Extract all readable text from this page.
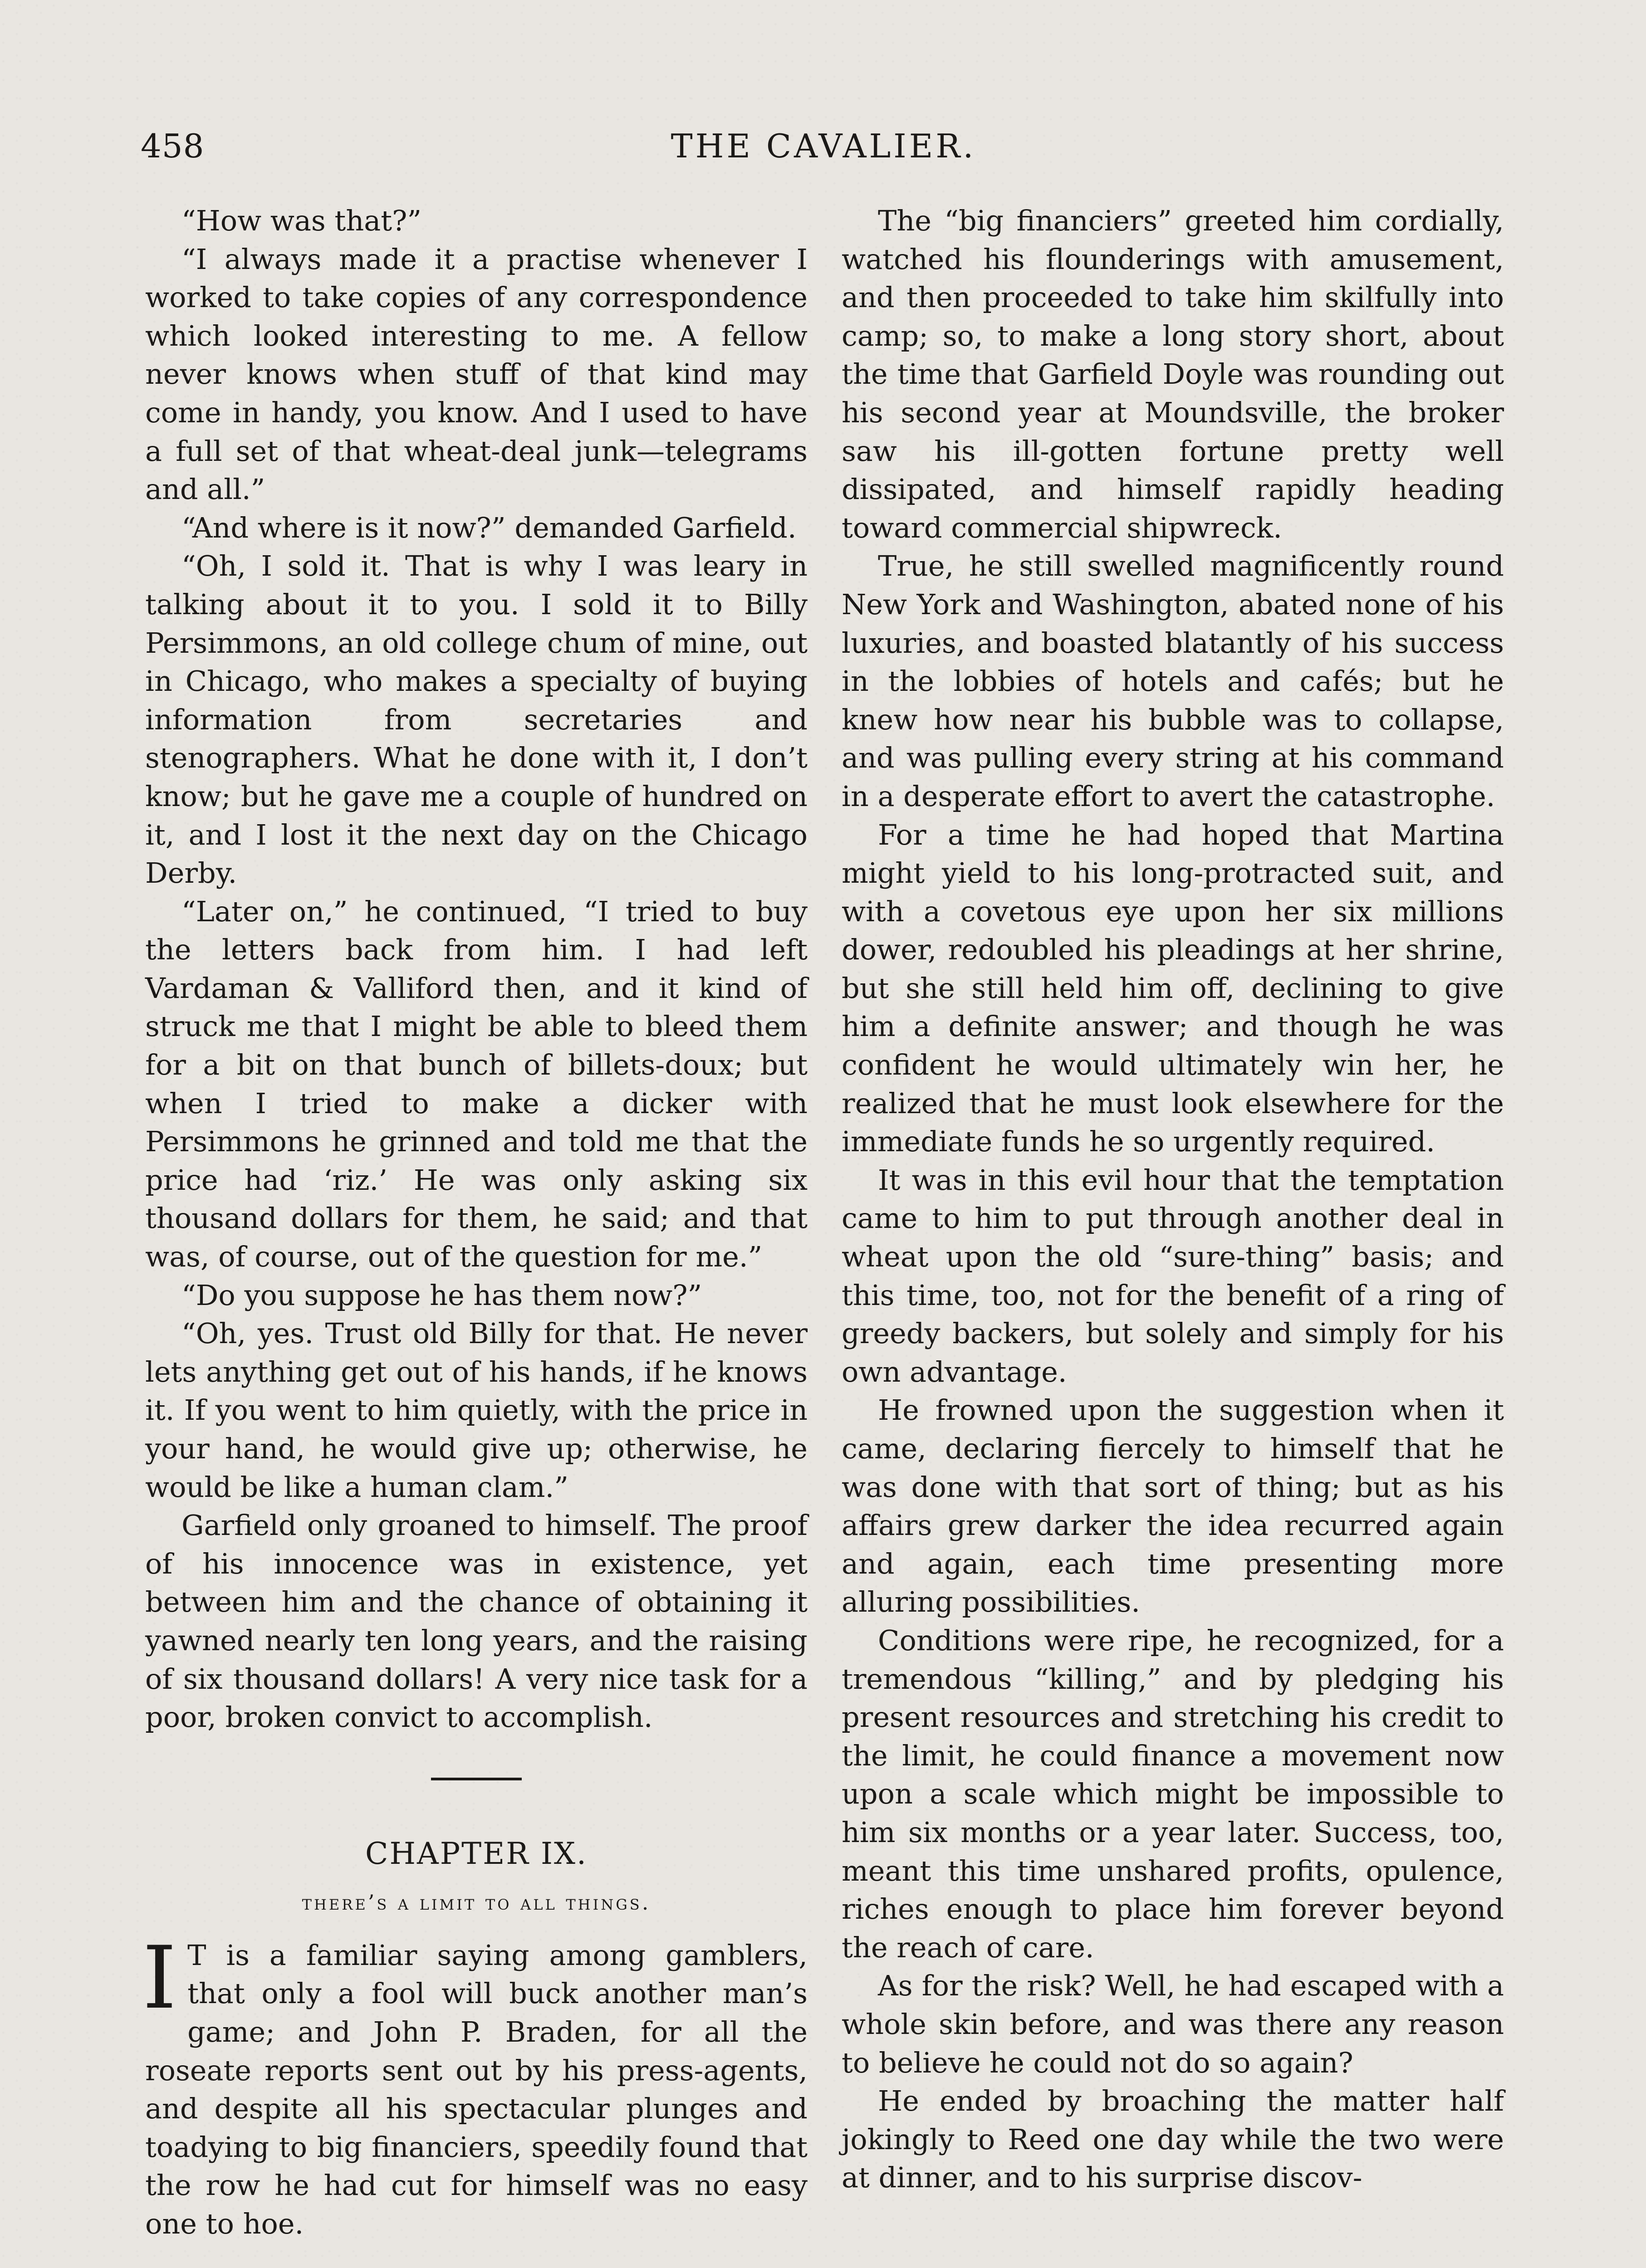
458	THE CAVALIER.

“How was that?”

“I always made it a practise whenever I worked to take copies of any correspondence which looked interesting to me. A fellow never knows when stuff of that kind may come in handy, you know. And I used to have a full set of that wheat-deal junk—telegrams and all.”

“And where is it now?” demanded Garfield.

“Oh, I sold it. That is why I was leary in talking about it to you. I sold it to Billy Persimmons, an old college chum of mine, out in Chicago, who makes a specialty of buying information from secretaries and stenographers. What he done with it, I don’t know; but he gave me a couple of hundred on it, and I lost it the next day on the Chicago Derby.

“Later on,” he continued, “I tried to buy the letters back from him. I had left Vardaman & Valliford then, and it kind of struck me that I might be able to bleed them for a bit on that bunch of billets-doux; but when I tried to make a dicker with Persimmons he grinned and told me that the price had ‘riz.’ He was only asking six thousand dollars for them, he said; and that was, of course, out of the question for me.”

“Do you suppose he has them now?”

“Oh, yes. Trust old Billy for that. He never lets anything get out of his hands, if he knows it. If you went to him quietly, with the price in your hand, he would give up; otherwise, he would be like a human clam.”

Garfield only groaned to himself. The proof of his innocence was in existence, yet between him and the chance of obtaining it yawned nearly ten long years, and the raising of six thousand dollars! A very nice task for a poor, broken convict to accomplish.

CHAPTER IX.
there’s a limit to all things.

I T is a familiar saying among gamblers, that only a fool will buck another man’s game; and John P. Braden, for all the roseate reports sent out by his press-agents, and despite all his spectacular plunges and toadying to big financiers, speedily found that the row he had cut for himself was no easy one to hoe.

The “big financiers” greeted him cordially, watched his flounderings with amusement, and then proceeded to take him skilfully into camp; so, to make a long story short, about the time that Garfield Doyle was rounding out his second year at Moundsville, the broker saw his ill-gotten fortune pretty well dissipated, and himself rapidly heading toward commercial shipwreck.

True, he still swelled magnificently round New York and Washington, abated none of his luxuries, and boasted blatantly of his success in the lobbies of hotels and cafés; but he knew how near his bubble was to collapse, and was pulling every string at his command in a desperate effort to avert the catastrophe.

For a time he had hoped that Martina might yield to his long-protracted suit, and with a covetous eye upon her six millions dower, redoubled his pleadings at her shrine, but she still held him off, declining to give him a definite answer; and though he was confident he would ultimately win her, he realized that he must look elsewhere for the immediate funds he so urgently required.

It was in this evil hour that the temptation came to him to put through another deal in wheat upon the old “sure-thing” basis; and this time, too, not for the benefit of a ring of greedy backers, but solely and simply for his own advantage.

He frowned upon the suggestion when it came, declaring fiercely to himself that he was done with that sort of thing; but as his affairs grew darker the idea recurred again and again, each time presenting more alluring possibilities.

Conditions were ripe, he recognized, for a tremendous “killing,” and by pledging his present resources and stretching his credit to the limit, he could finance a movement now upon a scale which might be impossible to him six months or a year later. Success, too, meant this time unshared profits, opulence, riches enough to place him forever beyond the reach of care.

As for the risk? Well, he had escaped with a whole skin before, and was there any reason to believe he could not do so again?

He ended by broaching the matter half jokingly to Reed one day while the two were at dinner, and to his surprise discov-
